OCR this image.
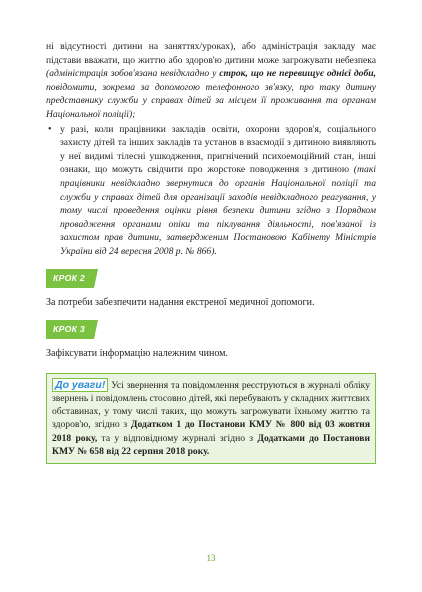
ні відсутності дитини на заняттях/уроках), або адміністрація закладу має підстави вважати, що життю або здоров'ю дитини може загрожувати небезпека (адміністрація зобов'язана невідкладно у строк, що не перевищує однієї доби, повідомити, зокрема за допомогою телефонного зв'язку, про таку дитину представнику служби у справах дітей за місцем її проживання та органам Національної поліції);

• у разі, коли працівники закладів освіти, охорони здоров'я, соціального захисту дітей та інших закладів та установ в взаємодії з дитиною виявляють у неї видимі тілесні ушкодження, пригнічений психоемоційний стан, інші ознаки, що можуть свідчити про жорстоке поводження з дитиною (такі працівники невідкладно звернутися до органів Національної поліції та служби у справах дітей для організації заходів невідкладного реагування, у тому числі проведення оцінки рівня безпеки дитини згідно з Порядком провадження органами опіки та піклування діяльності, пов'язаної із захистом прав дитини, затвердженим Постановою Кабінету Міністрів України від 24 вересня 2008 р. № 866).
КРОК 2
За потреби забезпечити надання екстреної медичної допомоги.
КРОК 3
Зафіксувати інформацію належним чином.
До уваги! Усі звернення та повідомлення реєструються в журналі обліку звернень і повідомлень стосовно дітей, які перебувають у складних життєвих обставинах, у тому числі таких, що можуть загрожувати їхньому життю та здоров'ю, згідно з Додатком 1 до Постанови КМУ № 800 від 03 жовтня 2018 року, та у відповідному журналі згідно з Додатками до Постанови КМУ № 658 від 22 серпня 2018 року.
13
